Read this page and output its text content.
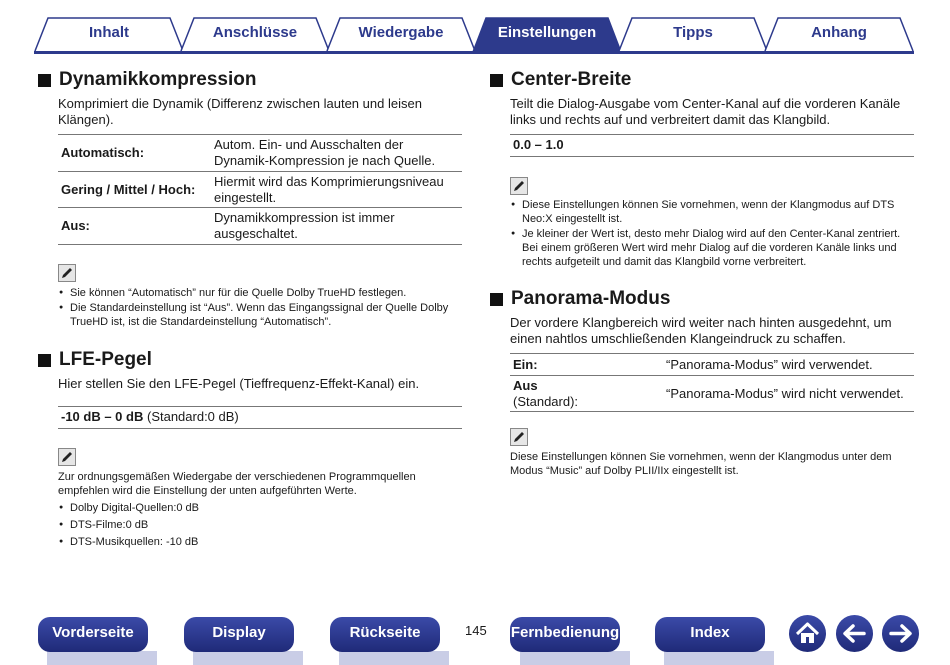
Inhalt	Anschlüsse	Wiedergabe	Einstellungen	Tipps	Anhang
Dynamikkompression

Komprimiert die Dynamik (Differenz zwischen lauten und leisen Klängen).

Automatisch:	Autom. Ein- und Ausschalten der Dynamik-Kompression je nach Quelle.
Gering / Mittel / Hoch:	Hiermit wird das Komprimierungsniveau eingestellt.
Aus:	Dynamikkompression ist immer ausgeschaltet.
● Sie können “Automatisch” nur für die Quelle Dolby TrueHD festlegen.
● Die Standardeinstellung ist “Aus”. Wenn das Eingangssignal der Quelle Dolby TrueHD ist, ist die Standardeinstellung “Automatisch”.
LFE-Pegel

Hier stellen Sie den LFE-Pegel (Tieffrequenz-Effekt-Kanal) ein.

-10 dB – 0 dB (Standard:0 dB)

Zur ordnungsgemäßen Wiedergabe der verschiedenen Programmquellen empfehlen wird die Einstellung der unten aufgeführten Werte.

● Dolby Digital-Quellen:0 dB
● DTS-Filme:0 dB
● DTS-Musikquellen: -10 dB
Center-Breite

Teilt die Dialog-Ausgabe vom Center-Kanal auf die vorderen Kanäle links und rechts auf und verbreitert damit das Klangbild.

0.0 – 1.0
● Diese Einstellungen können Sie vornehmen, wenn der Klangmodus auf DTS Neo:X eingestellt ist.
● Je kleiner der Wert ist, desto mehr Dialog wird auf den Center-Kanal zentriert. Bei einem größeren Wert wird mehr Dialog auf die vorderen Kanäle links und rechts aufgeteilt und damit das Klangbild vorne verbreitert.
Panorama-Modus

Der vordere Klangbereich wird weiter nach hinten ausgedehnt, um einen nahtlos umschließenden Klangeindruck zu schaffen.

Ein:	“Panorama-Modus” wird verwendet.
Aus
(Standard):	“Panorama-Modus” wird nicht verwendet.

Diese Einstellungen können Sie vornehmen, wenn der Klangmodus unter dem Modus “Music” auf Dolby PLII/IIx eingestellt ist.

Vorderseite	Display	Rückseite	145 Fernbedienung	Index
